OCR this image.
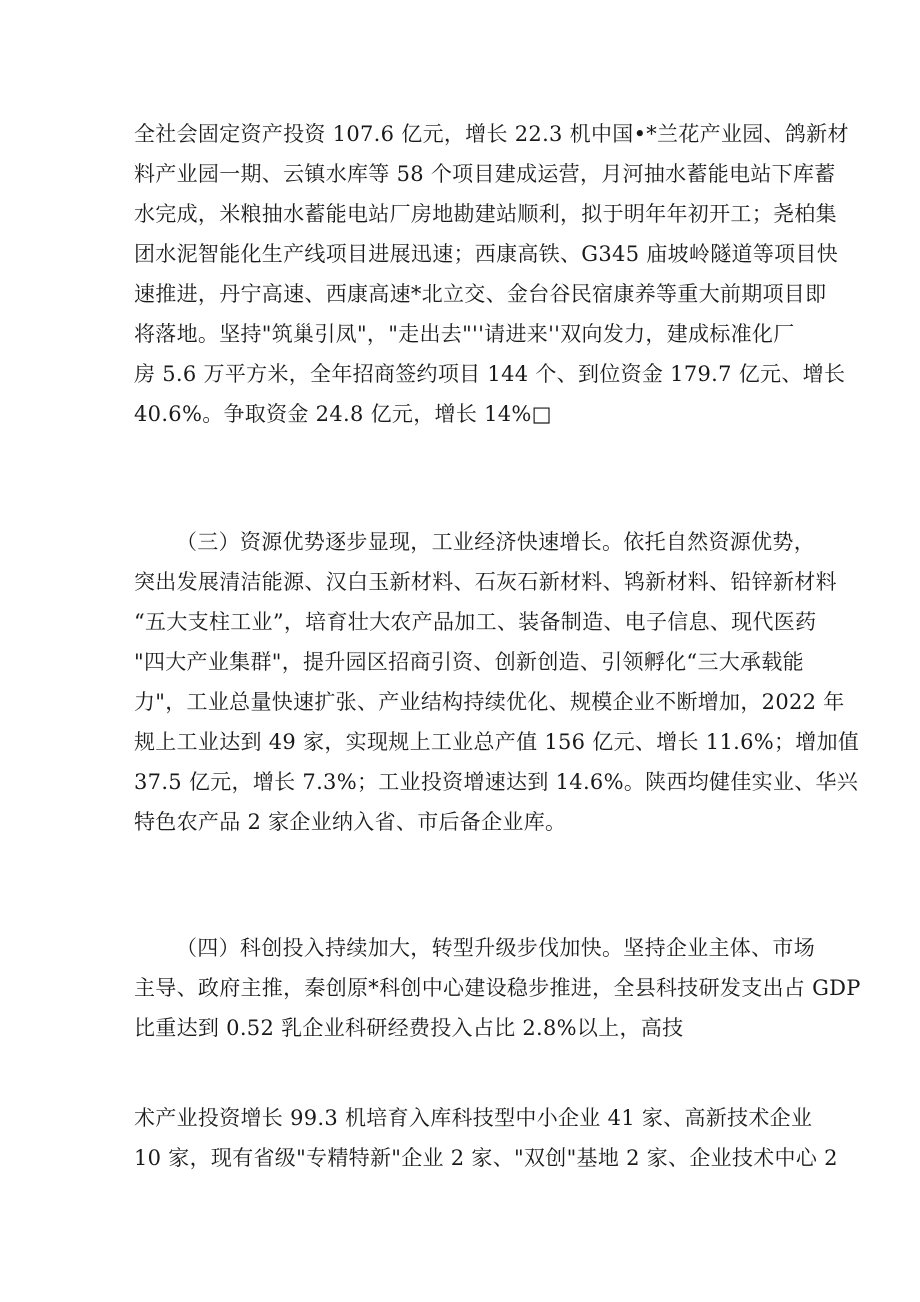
全社会固定资产投资 107.6 亿元，增长 22.3 机中国•*兰花产业园、鸽新材
料产业园一期、云镇水库等 58 个项目建成运营，月河抽水蓄能电站下库蓄
水完成，米粮抽水蓄能电站厂房地勘建站顺利，拟于明年年初开工；尧柏集
团水泥智能化生产线项目进展迅速；西康高铁、G345 庙坡岭隧道等项目快
速推进，丹宁高速、西康高速*北立交、金台谷民宿康养等重大前期项目即
将落地。坚持"筑巢引凤"，"走出去"''请进来''双向发力，建成标准化厂
房 5.6 万平方米，全年招商签约项目 144 个、到位资金 179.7 亿元、增长
40.6%。争取资金 24.8 亿元，增长 14%□
（三）资源优势逐步显现，工业经济快速增长。依托自然资源优势，
突出发展清洁能源、汉白玉新材料、石灰石新材料、鸨新材料、铅锌新材料
“五大支柱工业”，培育壮大农产品加工、装备制造、电子信息、现代医药
"四大产业集群"，提升园区招商引资、创新创造、引领孵化“三大承载能
力"，工业总量快速扩张、产业结构持续优化、规模企业不断增加，2022 年
规上工业达到 49 家，实现规上工业总产值 156 亿元、增长 11.6%；增加值
37.5 亿元，增长 7.3%；工业投资增速达到 14.6%。陕西均健佳实业、华兴
特色农产品 2 家企业纳入省、市后备企业库。
（四）科创投入持续加大，转型升级步伐加快。坚持企业主体、市场
主导、政府主推，秦创原*科创中心建设稳步推进，全县科技研发支出占 GDP
比重达到 0.52 乳企业科研经费投入占比 2.8%以上，高技
术产业投资增长 99.3 机培育入库科技型中小企业 41 家、高新技术企业
10 家，现有省级"专精特新"企业 2 家、"双创"基地 2 家、企业技术中心 2
